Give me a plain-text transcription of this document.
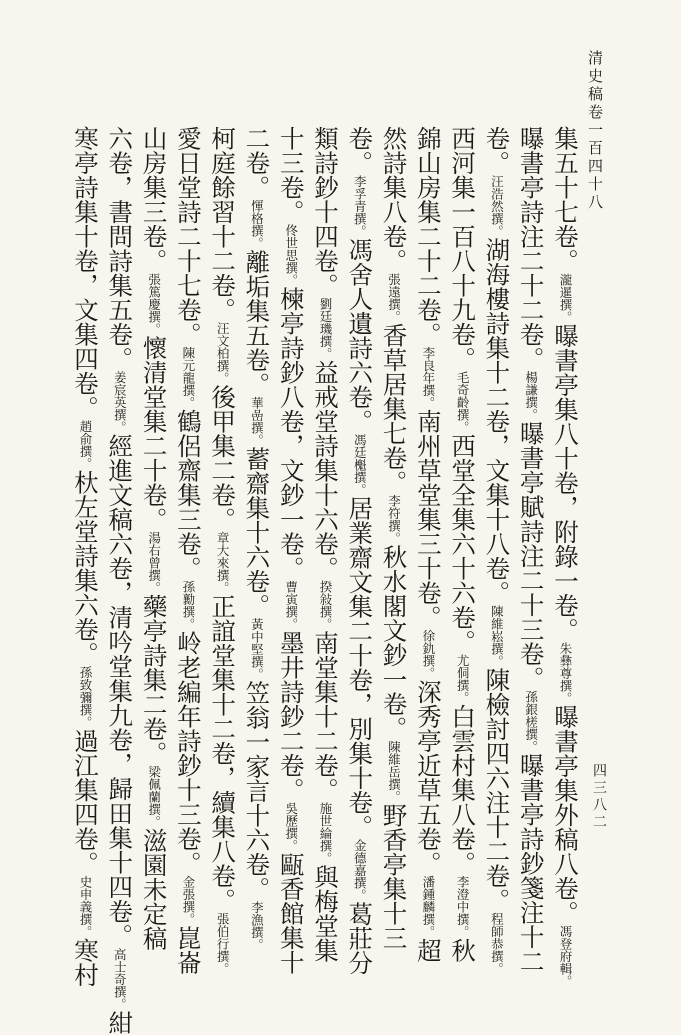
清史稿卷一百四十八
四三八二
集五十七卷。　瀧暹撰。曝書亭集八十卷，附錄一卷。朱彝尊撰。曝書亭集外稿八卷。馮登府輯。
曝書亭詩注二十二卷。楊謙撰。曝書亭賦詩注二十三卷。孫銀槎撰。曝書亭詩鈔箋注十二
卷。汪浩然撰。湖海樓詩集十二卷，文集十八卷。陳維崧撰。陳檢討四六注十二卷。程師恭撰。
西河集一百八十九卷。毛奇齡撰。西堂全集六十六卷。尤侗撰。白雲村集八卷。李澄中撰。秋
錦山房集二十二卷。李良年撰。南州草堂集三十卷。徐釚撰。深秀亭近草五卷。潘鍾麟撰。超
然詩集八卷。張遠撰。香草居集七卷。李符撰。秋水閣文鈔一卷。陳維岳撰。野香亭集十三
卷。李孚青撰。馮舍人遺詩六卷。馮廷櫆撰。居業齋文集二十卷，別集十卷。金德嘉撰。葛莊分
類詩鈔十四卷。劉廷璣撰。益戒堂詩集十六卷。揆敍撰。南堂集十二卷。施世綸撰。與梅堂集
十三卷。佟世思撰。楝亭詩鈔八卷，文鈔一卷。曹寅撰。墨井詩鈔二卷。吳歷撰。甌香館集十
二卷。惲格撰。離垢集五卷。華嵒撰。蓄齋集十六卷。黃中堅撰。笠翁一家言十六卷。李漁撰。
柯庭餘習十二卷。汪文柏撰。後甲集二卷。章大來撰。正誼堂集十二卷，續集八卷。張伯行撰。
愛日堂詩二十七卷。陳元龍撰。鶴侶齋集三卷。孫勷撰。岭老編年詩鈔十三卷。金張撰。崑崙
山房集三卷。張篤慶撰。懷清堂集二十卷。湯右曾撰。藥亭詩集二卷。梁佩蘭撰。滋園未定稿
六卷，書問詩集五卷。姜宸英撰。經進文稿六卷，清吟堂集九卷，歸田集十四卷。高士奇撰。紺
寒亭詩集十卷，文集四卷。趙俞撰。杕左堂詩集六卷。孫致彌撰。過江集四卷。史申義撰。寒村
